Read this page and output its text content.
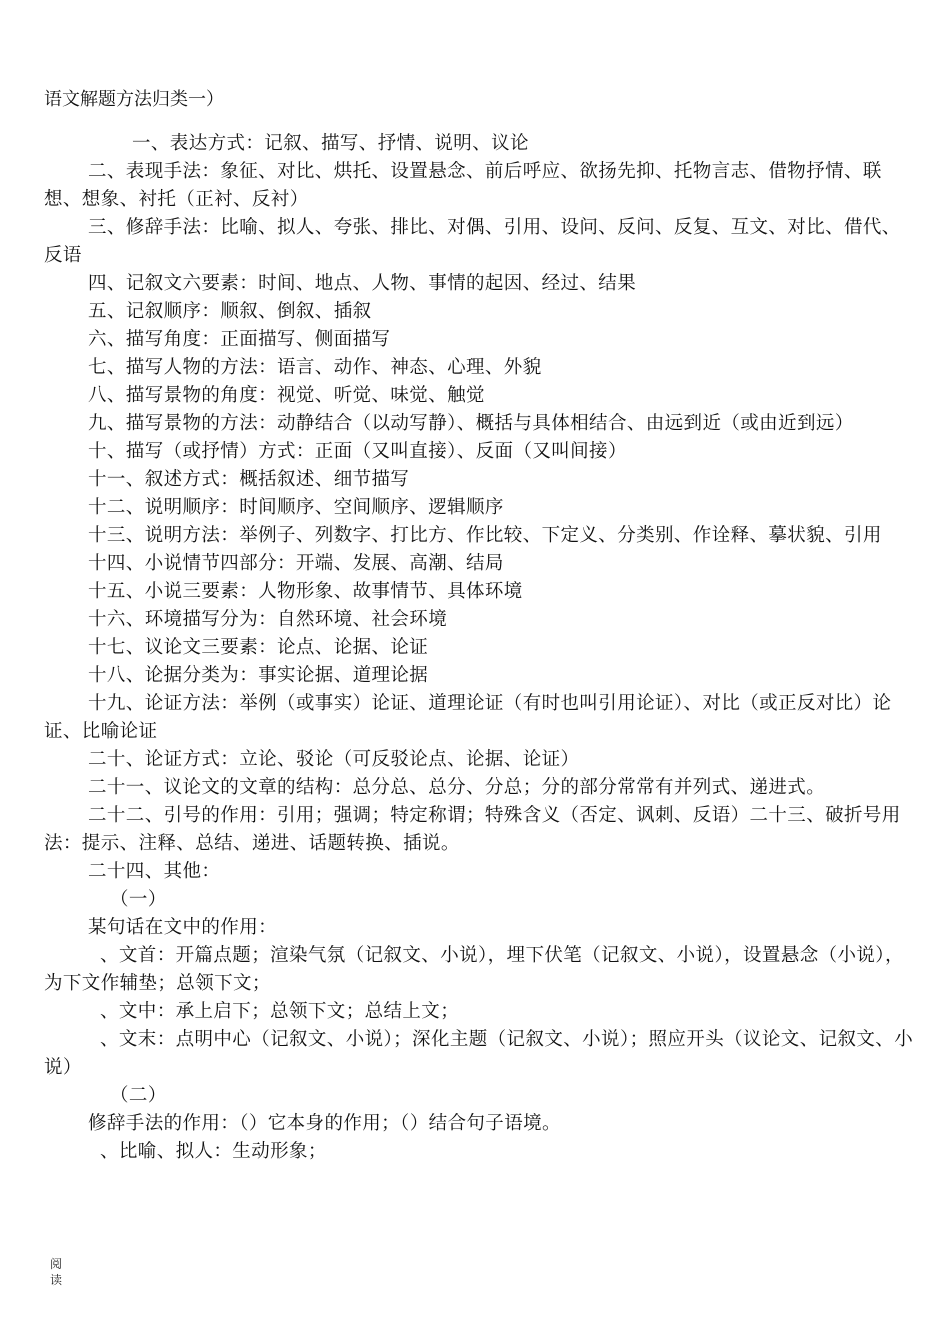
语文解题方法归类一）

一、表达方式：记叙、描写、抒情、说明、议论

二、表现手法：象征、对比、烘托、设置悬念、前后呼应、欲扬先抑、托物言志、借物抒情、联想、想象、衬托（正衬、反衬）

三、修辞手法：比喻、拟人、夸张、排比、对偶、引用、设问、反问、反复、互文、对比、借代、反语

四、记叙文六要素：时间、地点、人物、事情的起因、经过、结果

五、记叙顺序：顺叙、倒叙、插叙

六、描写角度：正面描写、侧面描写

七、描写人物的方法：语言、动作、神态、心理、外貌

八、描写景物的角度：视觉、听觉、味觉、触觉

九、描写景物的方法：动静结合（以动写静）、概括与具体相结合、由远到近（或由近到远）

十、描写（或抒情）方式：正面（又叫直接）、反面（又叫间接）

十一、叙述方式：概括叙述、细节描写

十二、说明顺序：时间顺序、空间顺序、逻辑顺序

十三、说明方法：举例子、列数字、打比方、作比较、下定义、分类别、作诠释、摹状貌、引用

十四、小说情节四部分：开端、发展、高潮、结局

十五、小说三要素：人物形象、故事情节、具体环境

十六、环境描写分为：自然环境、社会环境

十七、议论文三要素：论点、论据、论证

十八、论据分类为：事实论据、道理论据

十九、论证方法：举例（或事实）论证、道理论证（有时也叫引用论证）、对比（或正反对比）论证、比喻论证

二十、论证方式：立论、驳论（可反驳论点、论据、论证）

二十一、议论文的文章的结构：总分总、总分、分总；分的部分常常有并列式、递进式。

二十二、引号的作用：引用；强调；特定称谓；特殊含义（否定、讽刺、反语）二十三、破折号用法：提示、注释、总结、递进、话题转换、插说。

二十四、其他：

（一）

某句话在文中的作用：

、文首：开篇点题；渲染气氛（记叙文、小说），埋下伏笔（记叙文、小说），设置悬念（小说），为下文作辅垫；总领下文；

、文中：承上启下；总领下文；总结上文；

、文末：点明中心（记叙文、小说）；深化主题（记叙文、小说）；照应开头（议论文、记叙文、小说）

（二）

修辞手法的作用：（）它本身的作用；（）结合句子语境。

、比喻、拟人：生动形象；

阅
读
